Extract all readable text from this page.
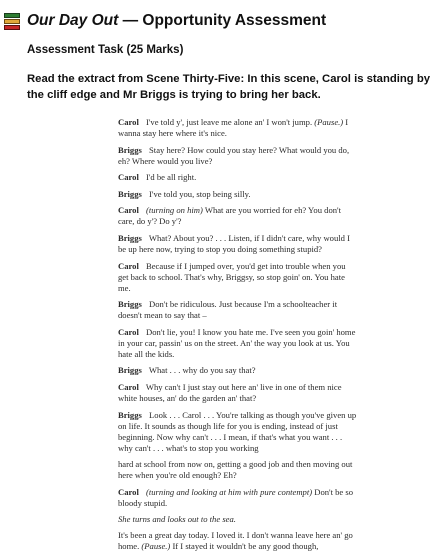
Our Day Out — Opportunity Assessment
Assessment Task (25 Marks)
Read the extract from Scene Thirty-Five: In this scene, Carol is standing by the cliff edge and Mr Briggs is trying to bring her back.

Carol I've told y', just leave me alone an' I won't jump. (Pause.) I wanna stay here where it's nice.

Briggs Stay here? How could you stay here? What would you do, eh? Where would you live?

Carol I'd be all right.

Briggs I've told you, stop being silly.

Carol (turning on him) What are you worried for eh? You don't care, do y'? Do y'?

Briggs What? About you? . . . Listen, if I didn't care, why would I be up here now, trying to stop you doing something stupid?

Carol Because if I jumped over, you'd get into trouble when you get back to school. That's why, Briggsy, so stop goin' on. You hate me.

Briggs Don't be ridiculous. Just because I'm a schoolteacher it doesn't mean to say that –

Carol Don't lie, you! I know you hate me. I've seen you goin' home in your car, passin' us on the street. An' the way you look at us. You hate all the kids.

Briggs What . . . why do you say that?

Carol Why can't I just stay out here an' live in one of them nice white houses, an' do the garden an' that?

Briggs Look . . . Carol . . . You're talking as though you've given up on life. It sounds as though life for you is ending, instead of just beginning. Now why can't . . . I mean, if that's what you want . . . why can't . . . what's to stop you working

hard at school from now on, getting a good job and then moving out here when you're old enough? Eh?

Carol (turning and looking at him with pure contempt) Don't be so bloody stupid.

She turns and looks out to the sea.

It's been a great day today. I loved it. I don't wanna leave here an' go home. (Pause.) If I stayed it wouldn't be any good though,
